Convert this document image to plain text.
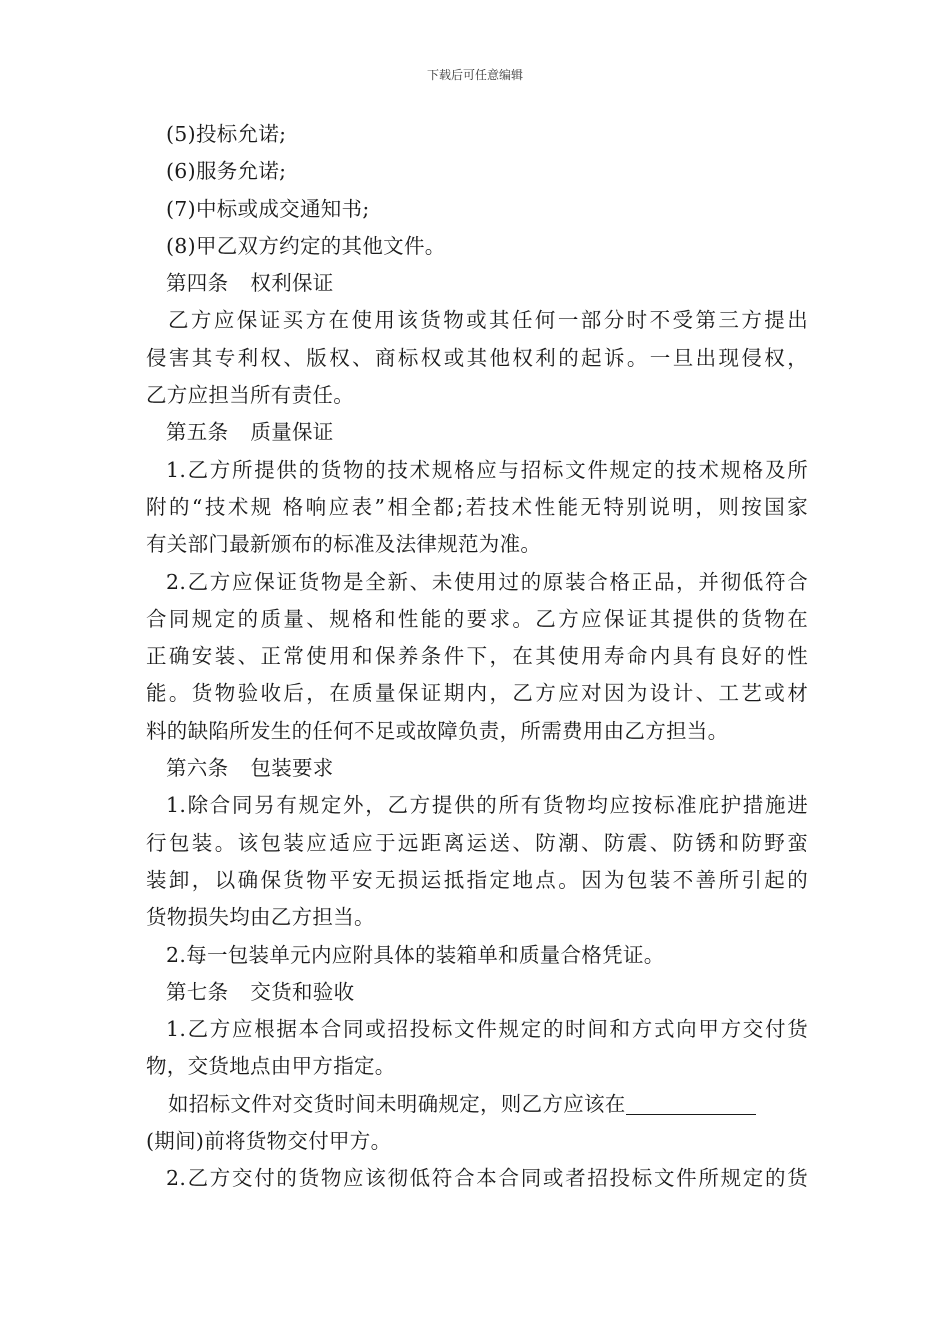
下载后可任意编辑
(5)投标允诺;
(6)服务允诺;
(7)中标或成交通知书;
(8)甲乙双方约定的其他文件。
第四条 权利保证
乙方应保证买方在使用该货物或其任何一部分时不受第三方提出
侵害其专利权、版权、商标权或其他权利的起诉。一旦出现侵权，
乙方应担当所有责任。
第五条 质量保证
1.乙方所提供的货物的技术规格应与招标文件规定的技术规格及所
附的“技术规 格响应表”相全都;若技术性能无特别说明，则按国家
有关部门最新颁布的标准及法律规范为准。
2.乙方应保证货物是全新、未使用过的原装合格正品，并彻低符合
合同规定的质量、规格和性能的要求。乙方应保证其提供的货物在
正确安装、正常使用和保养条件下，在其使用寿命内具有良好的性
能。货物验收后，在质量保证期内，乙方应对因为设计、工艺或材
料的缺陷所发生的任何不足或故障负责，所需费用由乙方担当。
第六条 包装要求
1.除合同另有规定外，乙方提供的所有货物均应按标准庇护措施进
行包装。该包装应适应于远距离运送、防潮、防震、防锈和防野蛮
装卸，以确保货物平安无损运抵指定地点。因为包装不善所引起的
货物损失均由乙方担当。
2.每一包装单元内应附具体的装箱单和质量合格凭证。
第七条 交货和验收
1.乙方应根据本合同或招投标文件规定的时间和方式向甲方交付货
物，交货地点由甲方指定。
如招标文件对交货时间未明确规定，则乙方应该在
(期间)前将货物交付甲方。
2.乙方交付的货物应该彻低符合本合同或者招投标文件所规定的货
